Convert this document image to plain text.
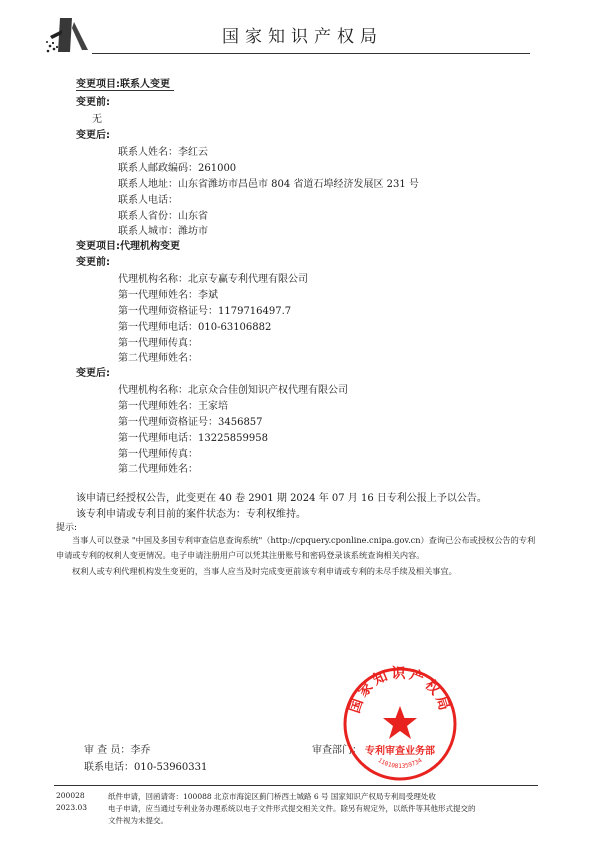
国家知识产权局
变更项目:联系人变更
变更前:
无
变更后:
联系人姓名：李红云
联系人邮政编码：261000
联系人地址：山东省潍坊市昌邑市 804 省道石埠经济发展区 231 号
联系人电话：
联系人省份：山东省
联系人城市：潍坊市
变更项目:代理机构变更
变更前:
代理机构名称：北京专赢专利代理有限公司
第一代理师姓名：李斌
第一代理师资格证号：1179716497.7
第一代理师电话：010-63106882
第一代理师传真：
第二代理师姓名：
变更后:
代理机构名称：北京众合佳创知识产权代理有限公司
第一代理师姓名：王家培
第一代理师资格证号：3456857
第一代理师电话：13225859958
第一代理师传真：
第二代理师姓名：
该申请已经授权公告，此变更在 40 卷 2901 期 2024 年 07 月 16 日专利公报上予以公告。
该专利申请或专利目前的案件状态为：专利权维持。
提示:
当事人可以登录 "中国及多国专利审查信息查询系统"（http://cpquery.cponline.cnipa.gov.cn）查询已公布或授权公告的专利
申请或专利的权利人变更情况。电子申请注册用户可以凭其注册账号和密码登录该系统查询相关内容。
权利人或专利代理机构发生变更的，当事人应当及时完成变更前该专利申请或专利的未尽手续及相关事宜。
审 查 员：李乔
联系电话：010-53960331
审查部门：
国家知识产权局
专利审查业务部
1101081359734
200028
2023.03
纸件申请，回函请寄：100088 北京市海淀区蓟门桥西土城路 6 号 国家知识产权局专利局受理处收
电子申请，应当通过专利业务办理系统以电子文件形式提交相关文件。除另有规定外，以纸件等其他形式提交的
文件视为未提交。
